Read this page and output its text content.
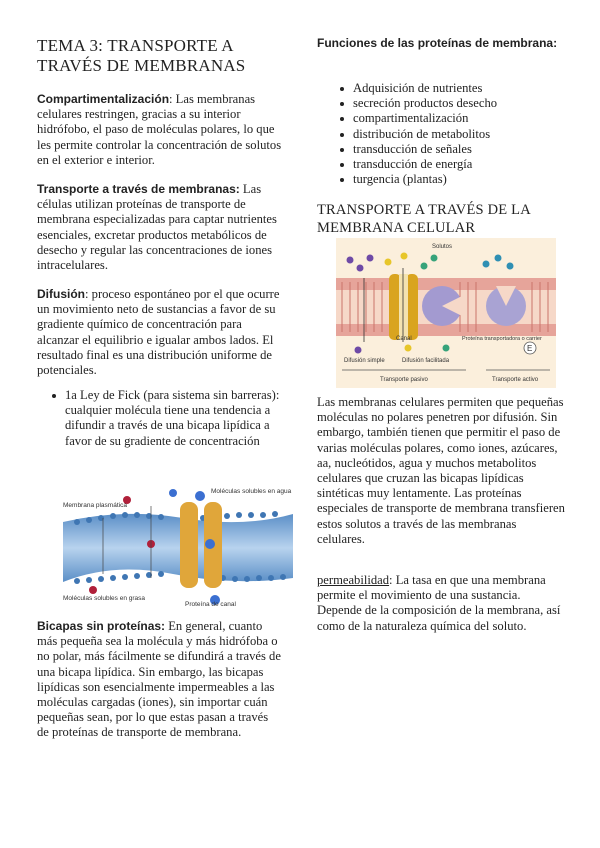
TEMA 3: TRANSPORTE A TRAVÉS DE MEMBRANAS

Compartimentalización: Las membranas celulares restringen, gracias a su interior hidrófobo, el paso de moléculas polares, lo que les permite controlar la concentración de solutos en el exterior e interior.

Transporte a través de membranas: Las células utilizan proteínas de transporte de membrana especializadas para captar nutrientes esenciales, excretar productos metabólicos de desecho y regular las concentraciones de iones intracelulares.

Difusión: proceso espontáneo por el que ocurre un movimiento neto de sustancias a favor de su gradiente químico de concentración para alcanzar el equilibrio e igualar ambos lados. El resultado final es una distribución uniforme de potenciales.

1a Ley de Fick (para sistema sin barreras): cualquier molécula tiene una tendencia a difundir a través de una bicapa lipídica a favor de su gradiente de concentración
Membrana plasmática
Moléculas solubles en agua
Moléculas solubles en grasa
Proteína de canal

Bicapas sin proteínas: En general, cuanto más pequeña sea la molécula y más hidrófoba o no polar, más fácilmente se difundirá a través de una bicapa lipídica. Sin embargo, las bicapas lipídicas son esencialmente impermeables a las moléculas cargadas (iones), sin importar cuán pequeñas sean, por lo que estas pasan a través de proteínas de transporte de membrana.

Funciones de las proteínas de membrana:

Adquisición de nutrientes
secreción productos desecho
compartimentalización
distribución de metabolitos
transducción de señales
transducción de energía
turgencia (plantas)
TRANSPORTE A TRAVÉS DE LA MEMBRANA CELULAR
E
Solutos
Difusión simple
Canal
Difusión facilitada
Proteína transportadora o carrier
Transporte pasivo	Transporte activo

Las membranas celulares permiten que pequeñas moléculas no polares penetren por difusión. Sin embargo, también tienen que permitir el paso de varias moléculas polares, como iones, azúcares, aa, nucleótidos, agua y muchos metabolitos celulares que cruzan las bicapas lipídicas sintéticas muy lentamente. Las proteínas especiales de transporte de membrana transfieren estos solutos a través de las membranas celulares.

permeabilidad: La tasa en que una membrana permite el movimiento de una sustancia. Depende de la composición de la membrana, así como de la naturaleza química del soluto.
